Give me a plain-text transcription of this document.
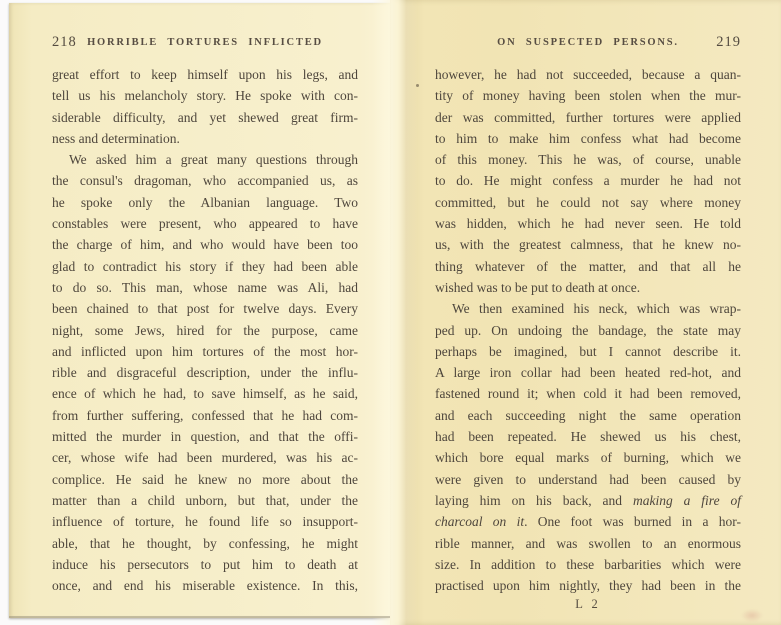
218 HORRIBLE TORTURES INFLICTED	ON SUSPECTED PERSONS.	219
great effort to keep himself upon his legs, and
tell us his melancholy story. He spoke with con-
siderable difficulty, and yet shewed great firm-
ness and determination.
We asked him a great many questions through
the consul's dragoman, who accompanied us, as
he spoke only the Albanian language. Two
constables were present, who appeared to have
the charge of him, and who would have been too
glad to contradict his story if they had been able
to do so. This man, whose name was Ali, had
been chained to that post for twelve days. Every
night, some Jews, hired for the purpose, came
and inflicted upon him tortures of the most hor-
rible and disgraceful description, under the influ-
ence of which he had, to save himself, as he said,
from further suffering, confessed that he had com-
mitted the murder in question, and that the offi-
cer, whose wife had been murdered, was his ac-
complice. He said he knew no more about the
matter than a child unborn, but that, under the
influence of torture, he found life so insupport-
able, that he thought, by confessing, he might
induce his persecutors to put him to death at
once, and end his miserable existence. In this,
however, he had not succeeded, because a quan-
tity of money having been stolen when the mur-
der was committed, further tortures were applied
to him to make him confess what had become
of this money. This he was, of course, unable
to do. He might confess a murder he had not
committed, but he could not say where money
was hidden, which he had never seen. He told
us, with the greatest calmness, that he knew no-
thing whatever of the matter, and that all he
wished was to be put to death at once.
We then examined his neck, which was wrap-
ped up. On undoing the bandage, the state may
perhaps be imagined, but I cannot describe it.
A large iron collar had been heated red-hot, and
fastened round it; when cold it had been removed,
and each succeeding night the same operation
had been repeated. He shewed us his chest,
which bore equal marks of burning, which we
were given to understand had been caused by
laying him on his back, and making a fire of
charcoal on it. One foot was burned in a hor-
rible manner, and was swollen to an enormous
size. In addition to these barbarities which were
practised upon him nightly, they had been in the
L 2
